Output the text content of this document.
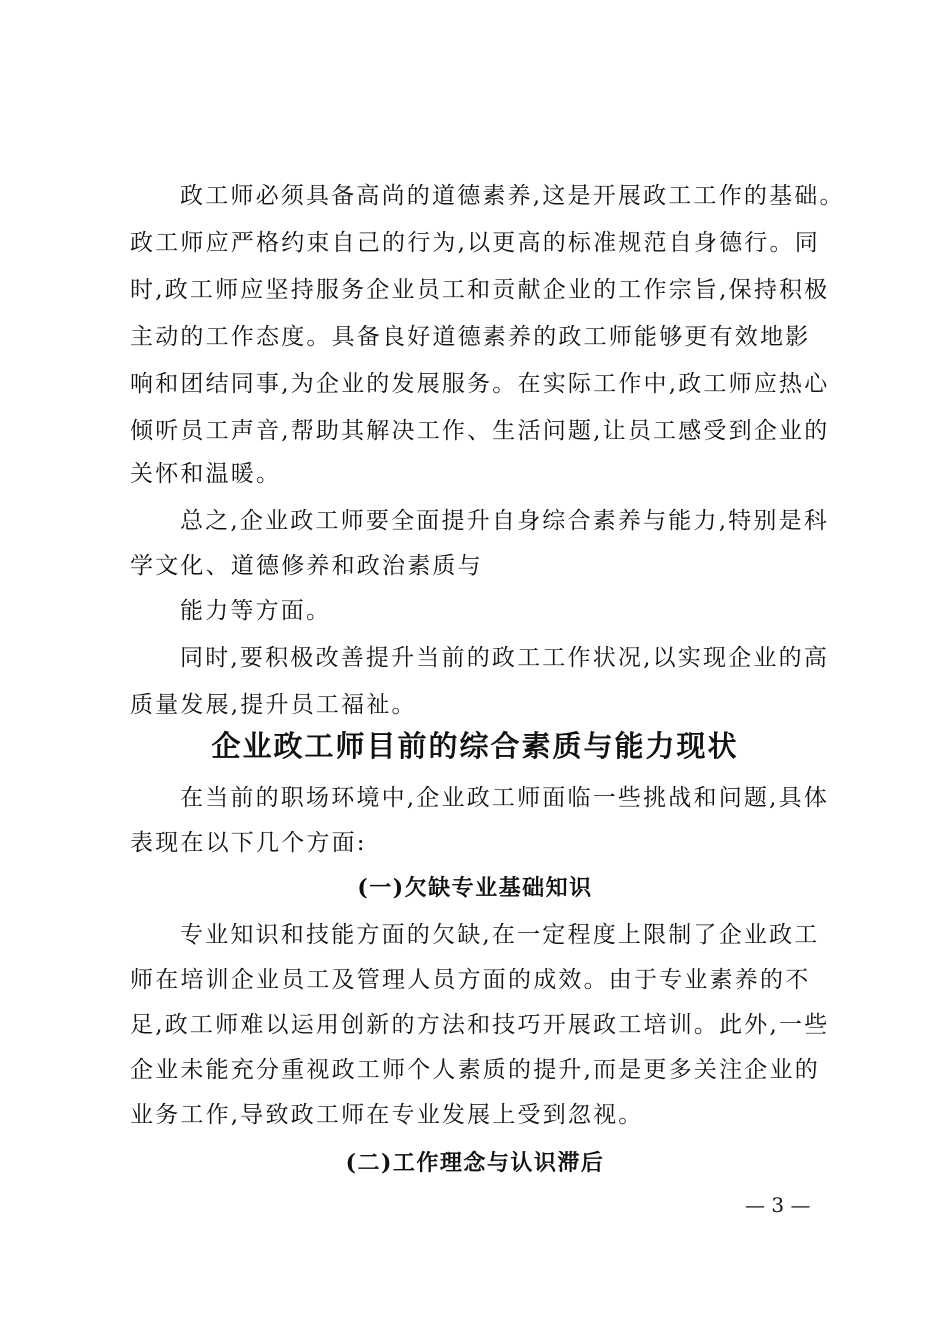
政工师必须具备高尚的道德素养,这是开展政工工作的基础。

政工师应严格约束自己的行为,以更高的标准规范自身德行。同

时,政工师应坚持服务企业员工和贡献企业的工作宗旨,保持积极

主动的工作态度。具备良好道德素养的政工师能够更有效地影

响和团结同事,为企业的发展服务。在实际工作中,政工师应热心

倾听员工声音,帮助其解决工作、生活问题,让员工感受到企业的

关怀和温暖。

总之,企业政工师要全面提升自身综合素养与能力,特别是科

学文化、道德修养和政治素质与

能力等方面。

同时,要积极改善提升当前的政工工作状况,以实现企业的高

质量发展,提升员工福祉。

企业政工师目前的综合素质与能力现状

在当前的职场环境中,企业政工师面临一些挑战和问题,具体

表现在以下几个方面:

(一)欠缺专业基础知识

专业知识和技能方面的欠缺,在一定程度上限制了企业政工

师在培训企业员工及管理人员方面的成效。由于专业素养的不

足,政工师难以运用创新的方法和技巧开展政工培训。此外,一些

企业未能充分重视政工师个人素质的提升,而是更多关注企业的

业务工作,导致政工师在专业发展上受到忽视。

(二)工作理念与认识滞后
— 3 —
